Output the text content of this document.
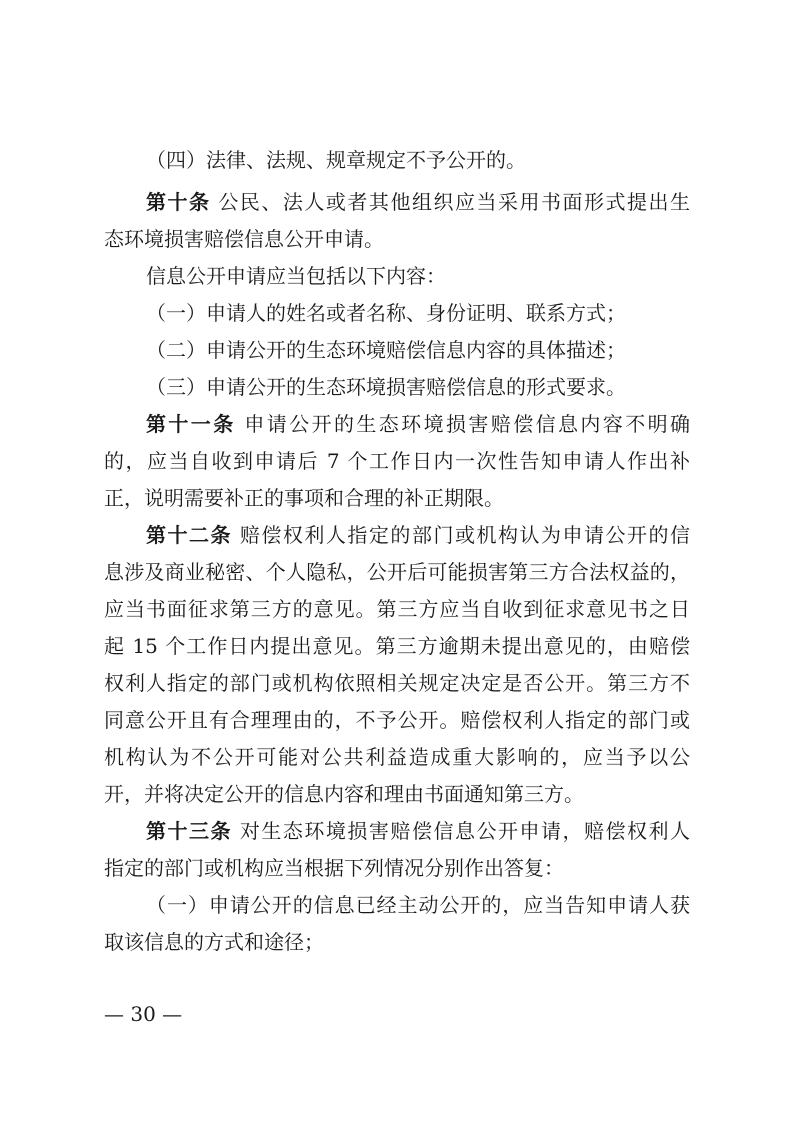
（四）法律、法规、规章规定不予公开的。
第十条 公民、法人或者其他组织应当采用书面形式提出生
态环境损害赔偿信息公开申请。
信息公开申请应当包括以下内容：
（一）申请人的姓名或者名称、身份证明、联系方式；
（二）申请公开的生态环境赔偿信息内容的具体描述；
（三）申请公开的生态环境损害赔偿信息的形式要求。
第十一条 申请公开的生态环境损害赔偿信息内容不明确
的，应当自收到申请后 7 个工作日内一次性告知申请人作出补
正，说明需要补正的事项和合理的补正期限。
第十二条 赔偿权利人指定的部门或机构认为申请公开的信
息涉及商业秘密、个人隐私，公开后可能损害第三方合法权益的，
应当书面征求第三方的意见。第三方应当自收到征求意见书之日
起 15 个工作日内提出意见。第三方逾期未提出意见的，由赔偿
权利人指定的部门或机构依照相关规定决定是否公开。第三方不
同意公开且有合理理由的，不予公开。赔偿权利人指定的部门或
机构认为不公开可能对公共利益造成重大影响的，应当予以公
开，并将决定公开的信息内容和理由书面通知第三方。
第十三条 对生态环境损害赔偿信息公开申请，赔偿权利人
指定的部门或机构应当根据下列情况分别作出答复：
（一）申请公开的信息已经主动公开的，应当告知申请人获
取该信息的方式和途径；
— 30 —
